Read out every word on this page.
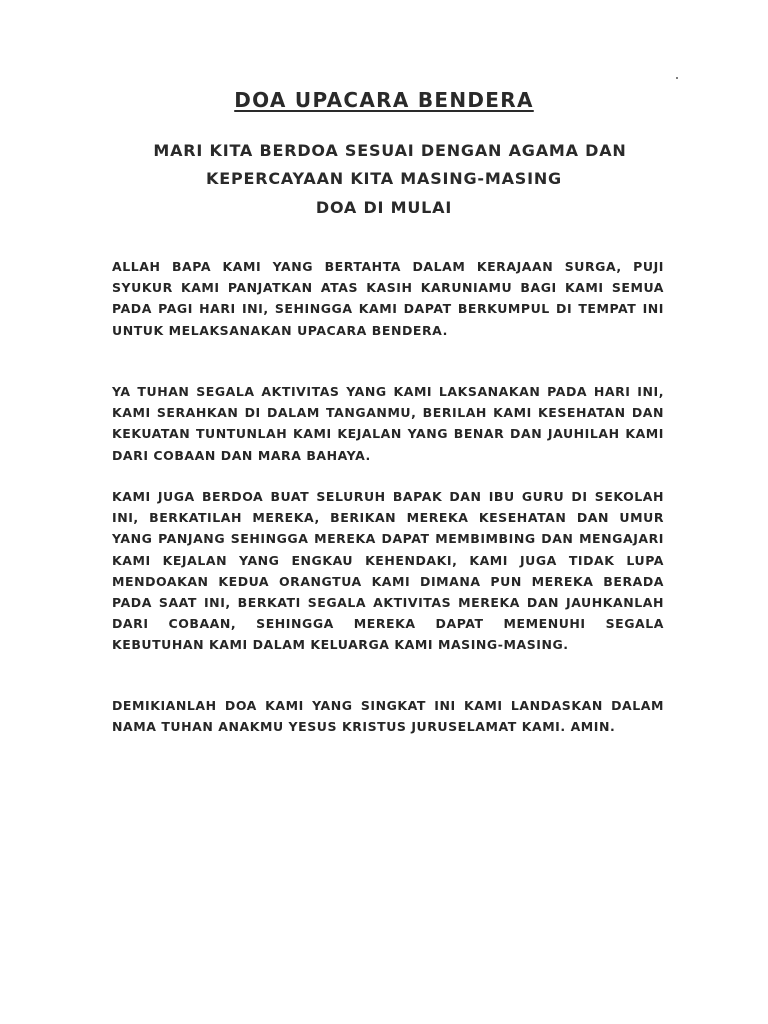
DOA UPACARA BENDERA
MARI KITA BERDOA SESUAI DENGAN AGAMA DAN
KEPERCAYAAN KITA MASING-MASING
DOA DI MULAI
ALLAH BAPA KAMI YANG BERTAHTA DALAM KERAJAAN SURGA, PUJI SYUKUR KAMI PANJATKAN ATAS KASIH KARUNIAMU BAGI KAMI SEMUA PADA PAGI HARI INI, SEHINGGA KAMI DAPAT BERKUMPUL DI TEMPAT INI UNTUK MELAKSANAKAN UPACARA BENDERA.
YA TUHAN SEGALA AKTIVITAS YANG KAMI LAKSANAKAN PADA HARI INI, KAMI SERAHKAN DI DALAM TANGANMU, BERILAH KAMI KESEHATAN DAN KEKUATAN TUNTUNLAH KAMI KEJALAN YANG BENAR DAN JAUHILAH KAMI DARI COBAAN DAN MARA BAHAYA.
KAMI JUGA BERDOA BUAT SELURUH BAPAK DAN IBU GURU DI SEKOLAH INI, BERKATILAH MEREKA, BERIKAN MEREKA KESEHATAN DAN UMUR YANG PANJANG SEHINGGA MEREKA DAPAT MEMBIMBING DAN MENGAJARI KAMI KEJALAN YANG ENGKAU KEHENDAKI, KAMI JUGA TIDAK LUPA MENDOAKAN KEDUA ORANGTUA KAMI DIMANA PUN MEREKA BERADA PADA SAAT INI, BERKATI SEGALA AKTIVITAS MEREKA DAN JAUHKANLAH DARI COBAAN, SEHINGGA MEREKA DAPAT MEMENUHI SEGALA KEBUTUHAN KAMI DALAM KELUARGA KAMI MASING-MASING.
DEMIKIANLAH DOA KAMI YANG SINGKAT INI KAMI LANDASKAN DALAM NAMA TUHAN ANAKMU YESUS KRISTUS JURUSELAMAT KAMI. AMIN.
